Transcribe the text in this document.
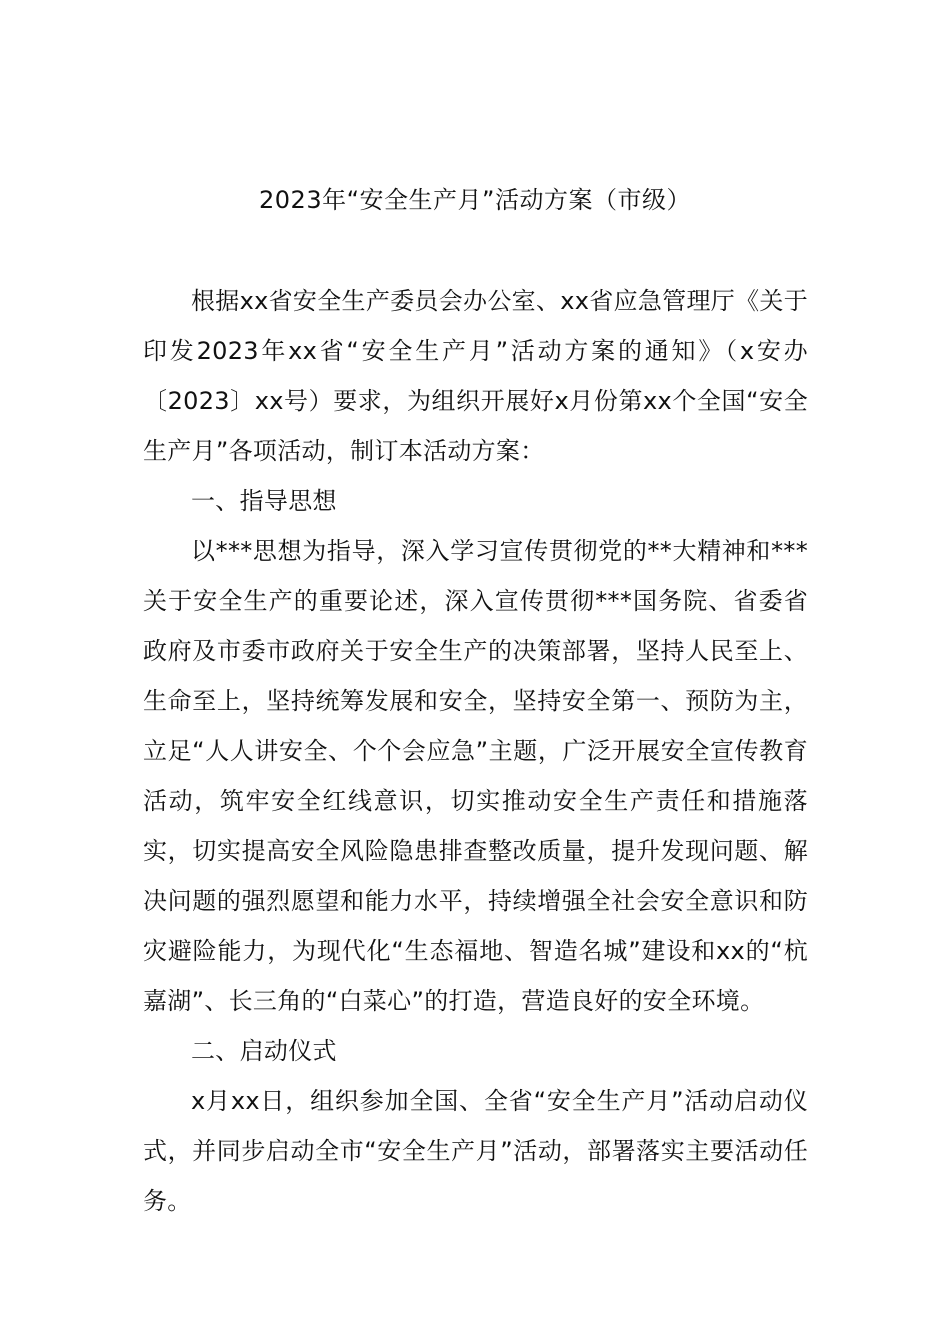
2023年“安全生产月”活动方案（市级）

根据xx省安全生产委员会办公室、xx省应急管理厅《关于印发2023年xx省“安全生产月”活动方案的通知》（x安办〔2023〕xx号）要求，为组织开展好x月份第xx个全国“安全生产月”各项活动，制订本活动方案：

一、指导思想

以***思想为指导，深入学习宣传贯彻党的**大精神和***关于安全生产的重要论述，深入宣传贯彻***国务院、省委省政府及市委市政府关于安全生产的决策部署，坚持人民至上、生命至上，坚持统筹发展和安全，坚持安全第一、预防为主，立足“人人讲安全、个个会应急”主题，广泛开展安全宣传教育活动，筑牢安全红线意识，切实推动安全生产责任和措施落实，切实提高安全风险隐患排查整改质量，提升发现问题、解决问题的强烈愿望和能力水平，持续增强全社会安全意识和防灾避险能力，为现代化“生态福地、智造名城”建设和xx的“杭嘉湖”、长三角的“白菜心”的打造，营造良好的安全环境。

二、启动仪式

x月xx日，组织参加全国、全省“安全生产月”活动启动仪式，并同步启动全市“安全生产月”活动，部署落实主要活动任务。
